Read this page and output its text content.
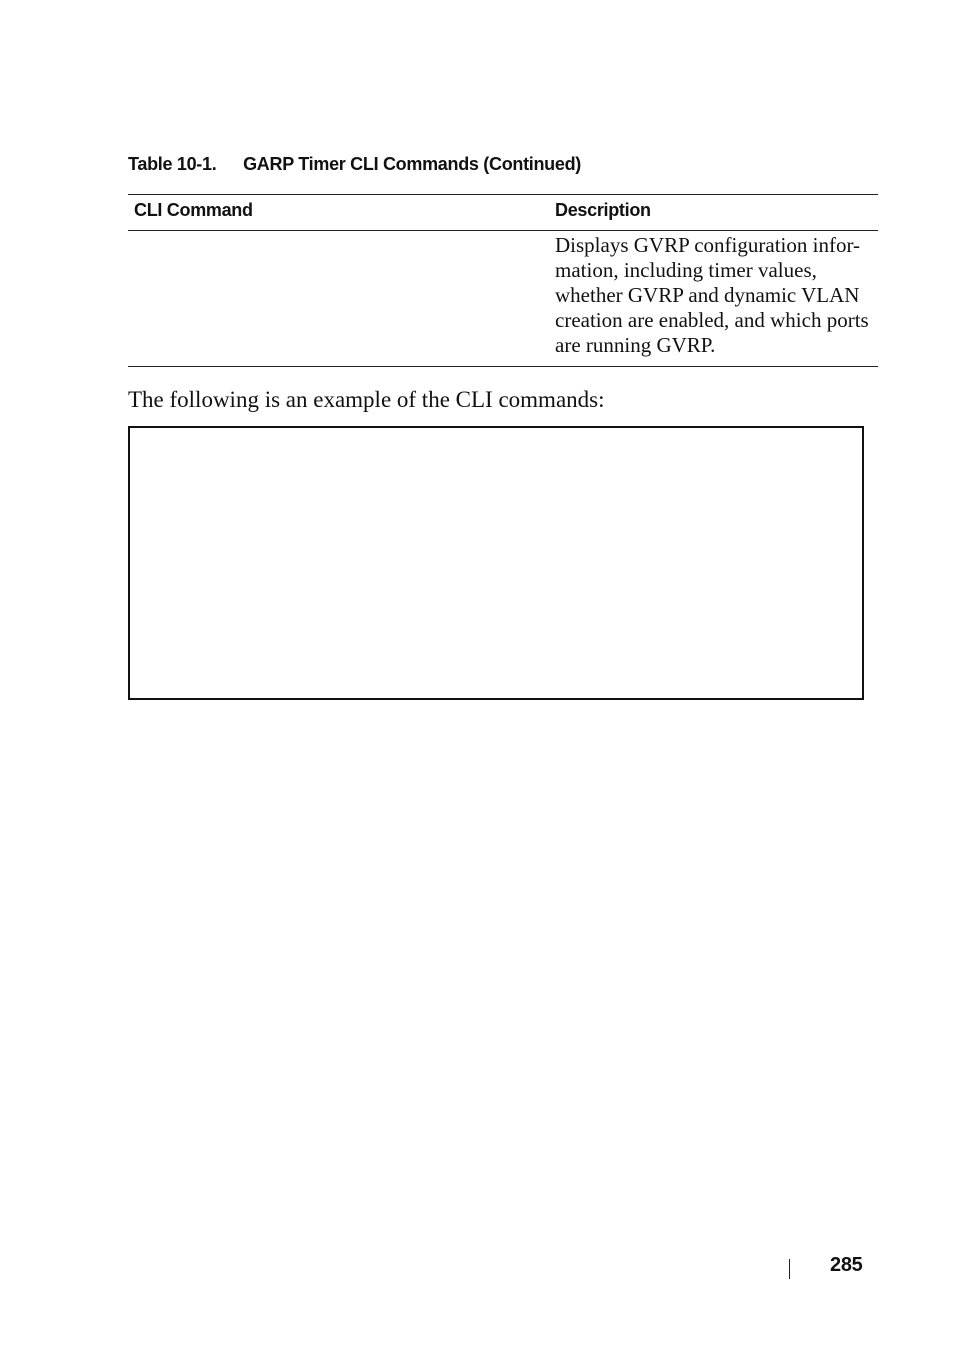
Table 10-1. GARP Timer CLI Commands (Continued)
CLI Command	Description
Displays GVRP configuration infor-
mation, including timer values,
whether GVRP and dynamic VLAN
creation are enabled, and which ports
are running GVRP.

The following is an example of the CLI commands:

285
